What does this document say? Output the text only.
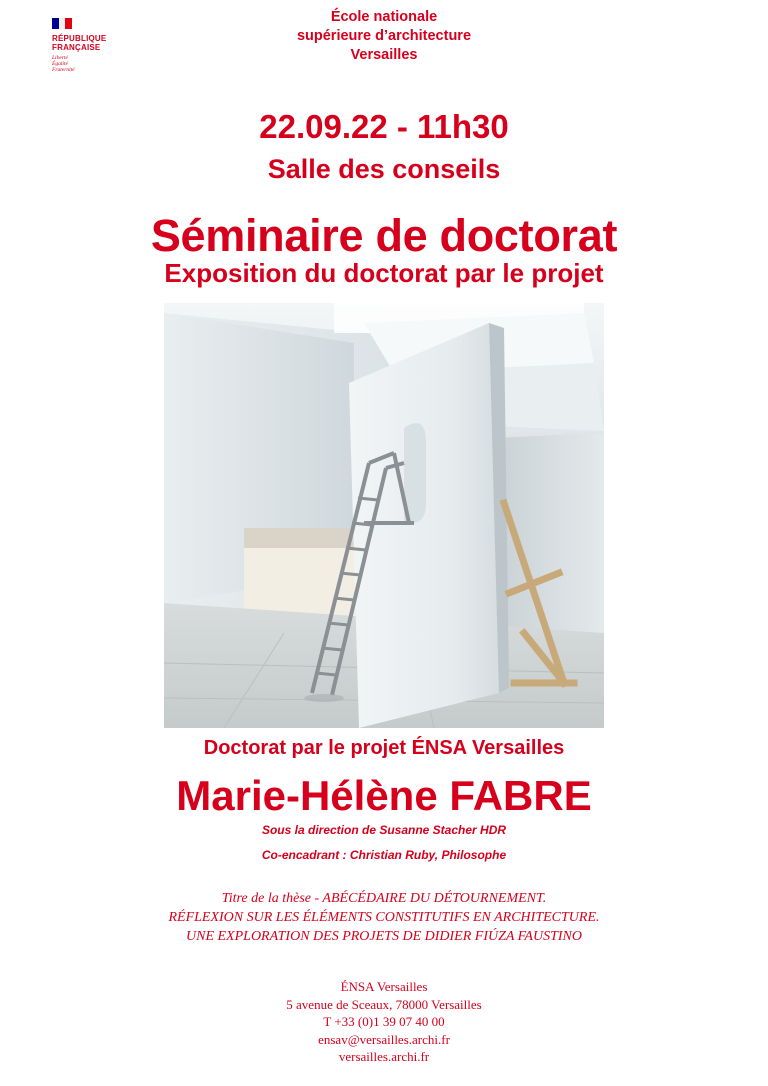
RÉPUBLIQUE
FRANÇAISE
Liberté
Égalité
Fraternité
École nationale
supérieure d’architecture
Versailles
22.09.22 - 11h30
Salle des conseils
Séminaire de doctorat
Exposition du doctorat par le projet
Doctorat par le projet ÉNSA Versailles
Marie-Hélène FABRE
Sous la direction de Susanne Stacher HDR
Co-encadrant : Christian Ruby, Philosophe
Titre de la thèse - ABÉCÉDAIRE DU DÉTOURNEMENT.
RÉFLEXION SUR LES ÉLÉMENTS CONSTITUTIFS EN ARCHITECTURE.
UNE EXPLORATION DES PROJETS DE DIDIER FIÚZA FAUSTINO
ÉNSA Versailles
5 avenue de Sceaux, 78000 Versailles
T +33 (0)1 39 07 40 00
ensav@versailles.archi.fr
versailles.archi.fr
